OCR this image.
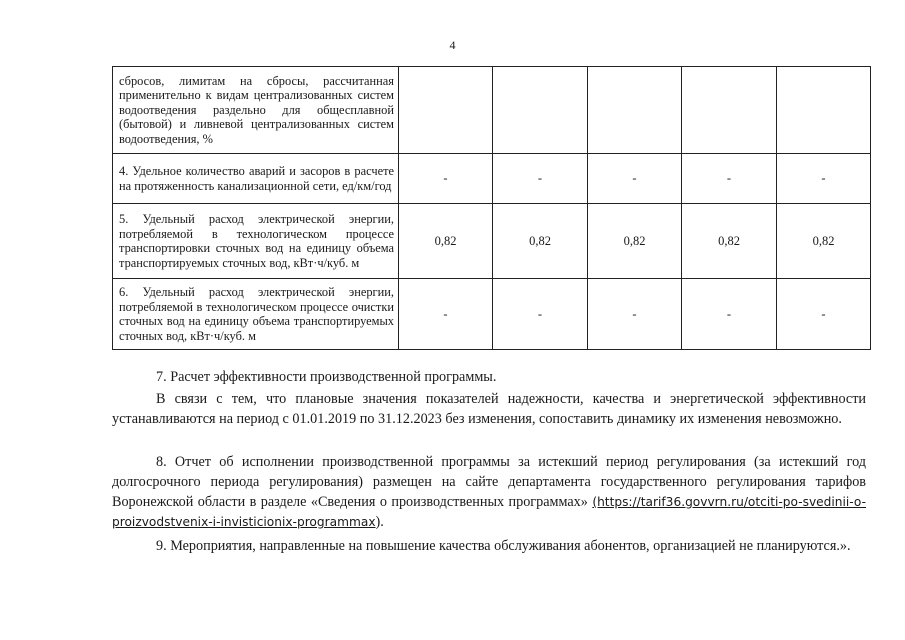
4
сбросов, лимитам на сбросы, рассчитанная применительно к видам централизованных систем водоотведения раздельно для общесплавной (бытовой) и ливневой централизованных систем водоотведения, %					
4. Удельное количество аварий и засоров в расчете на протяженность канализационной сети, ед/км/год	-	-	-	-	-
5. Удельный расход электрической энергии, потребляемой в технологическом процессе транспортировки сточных вод на единицу объема транспортируемых сточных вод, кВт·ч/куб. м	0,82	0,82	0,82	0,82	0,82
6. Удельный расход электрической энергии, потребляемой в технологическом процессе очистки сточных вод на единицу объема транспортируемых сточных вод, кВт·ч/куб. м	-	-	-	-	-

7. Расчет эффективности производственной программы.

В связи с тем, что плановые значения показателей надежности, качества и энергетической эффективности устанавливаются на период с 01.01.2019 по 31.12.2023 без изменения, сопоставить динамику их изменения невозможно.

8. Отчет об исполнении производственной программы за истекший период регулирования (за истекший год долгосрочного периода регулирования) размещен на сайте департамента государственного регулирования тарифов Воронежской области в разделе «Сведения о производственных программах» (https://tarif36.govvrn.ru/otciti-po-svedinii-o-proizvodstvenix-i-invisticionix-programmax).

9. Мероприятия, направленные на повышение качества обслуживания абонентов, организацией не планируются.».
